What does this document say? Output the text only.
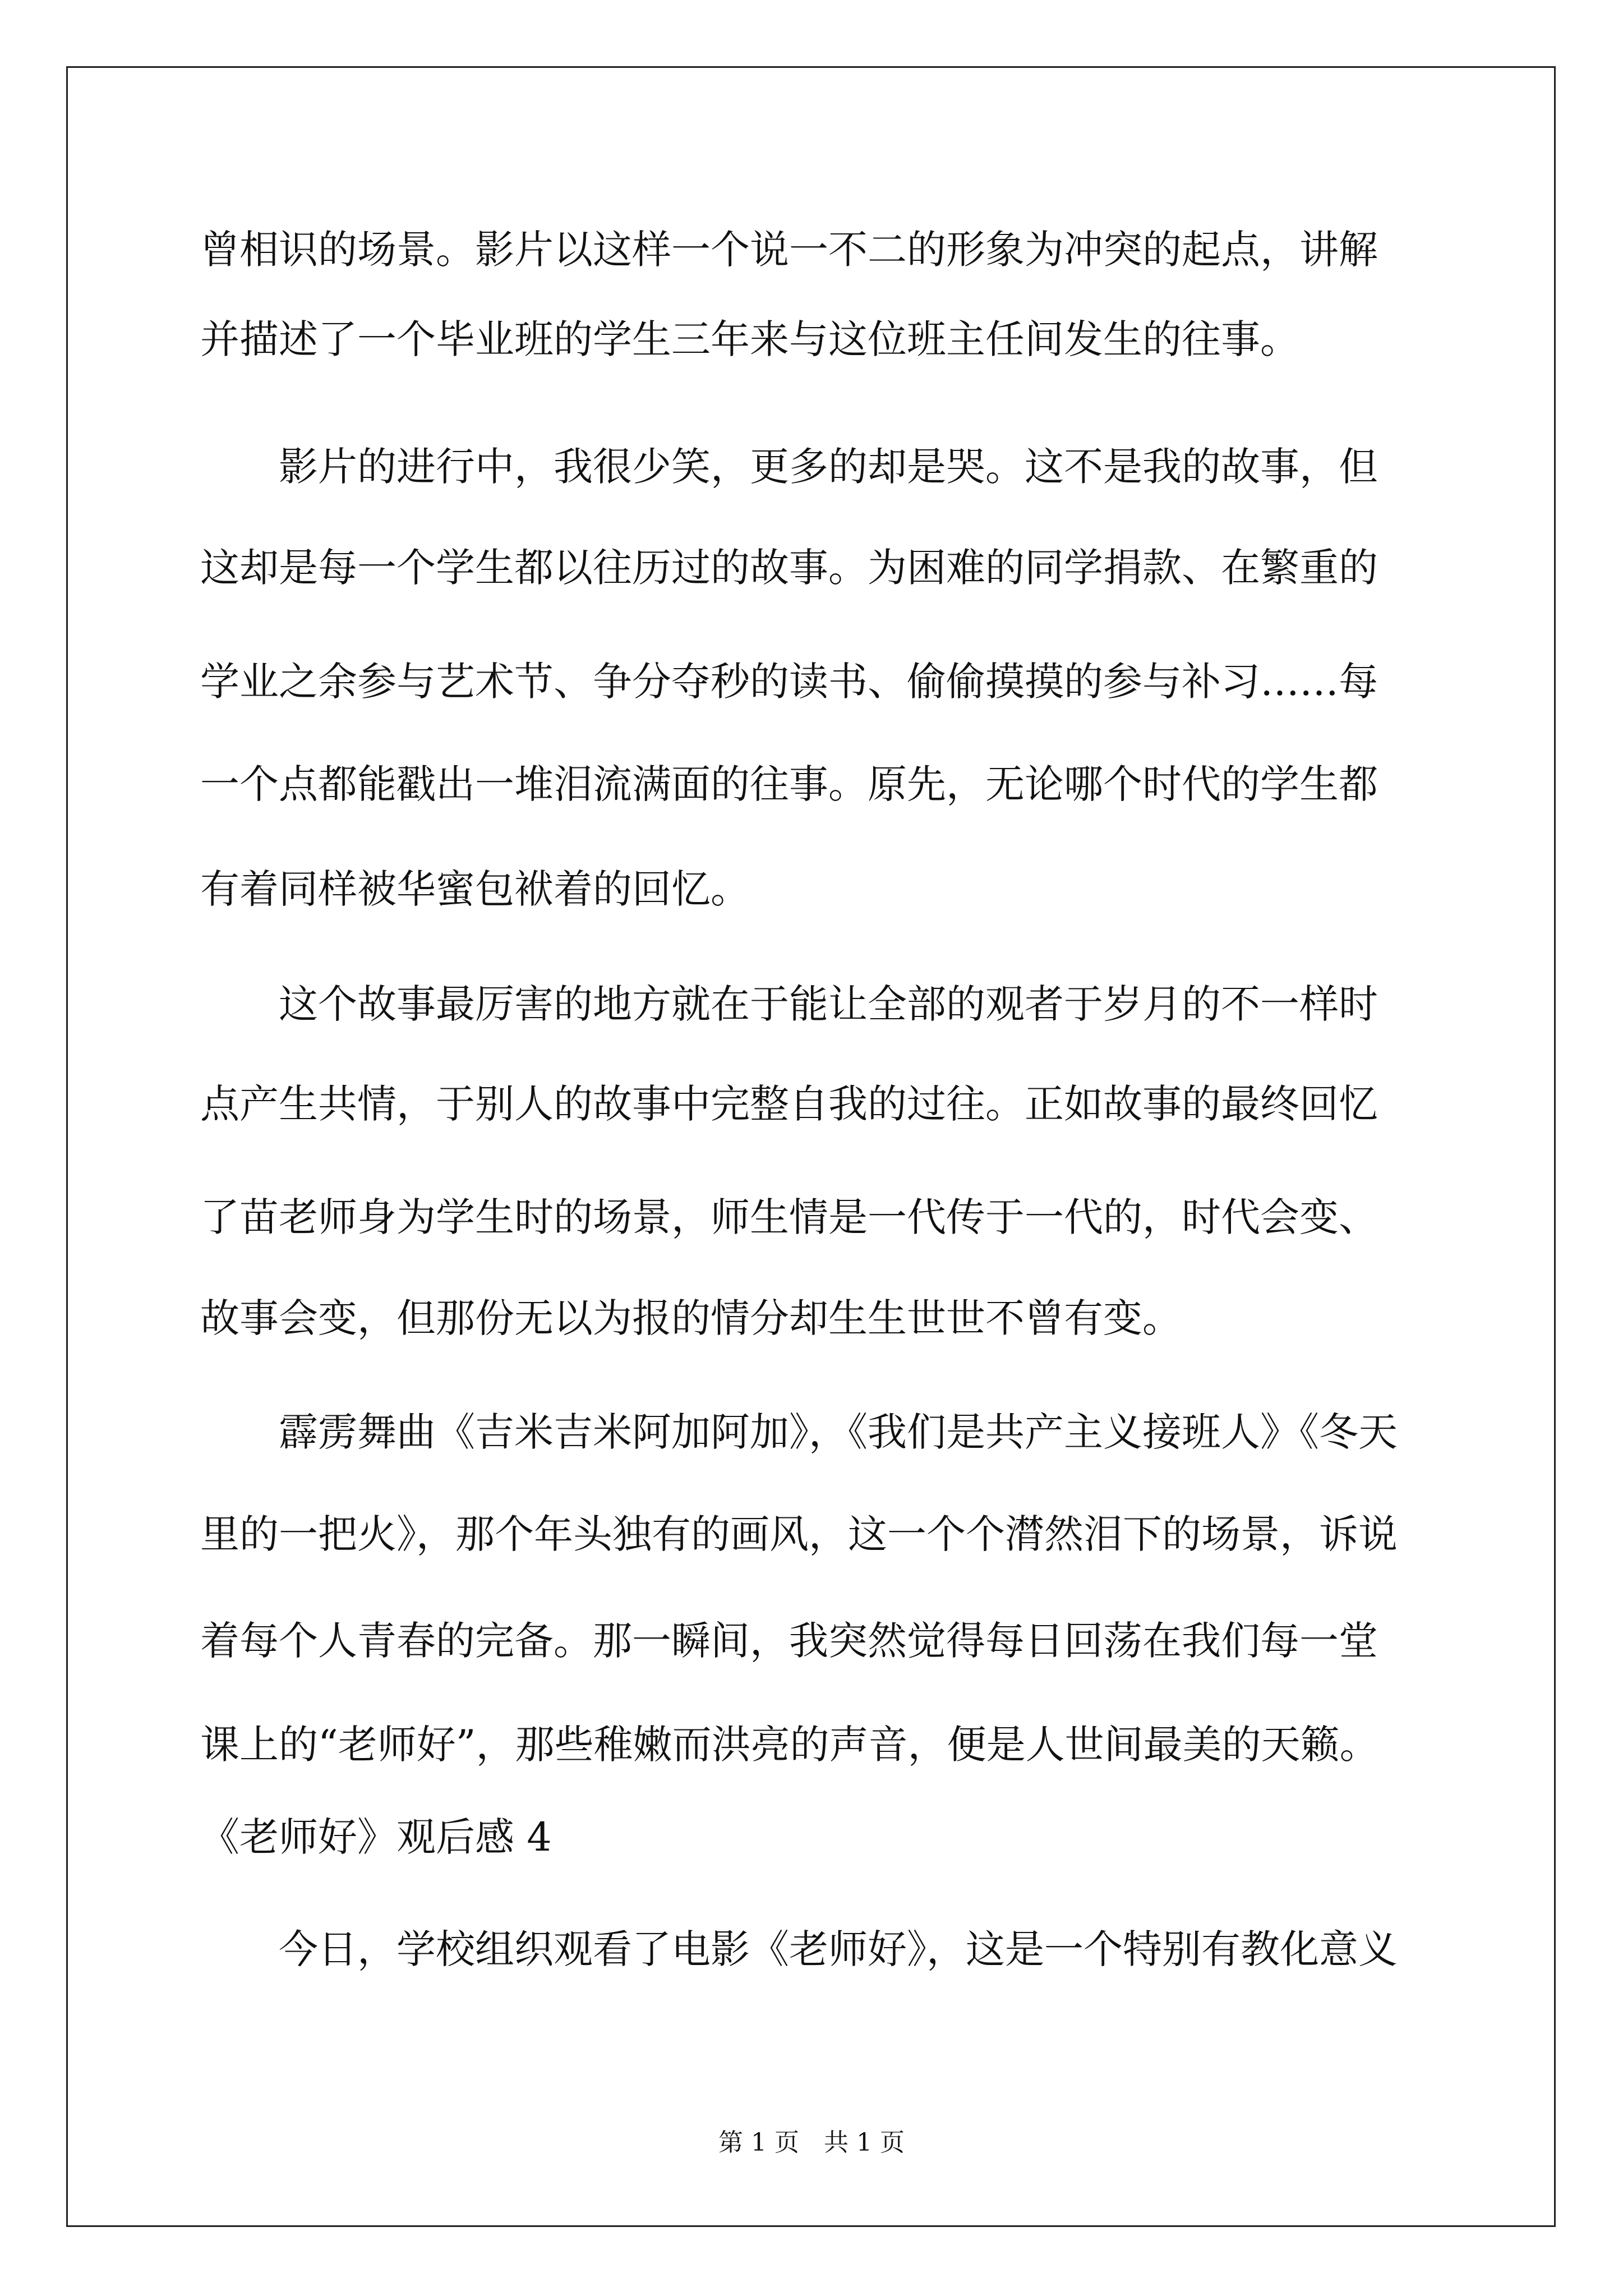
曾相识的场景。影片以这样一个说一不二的形象为冲突的起点，讲解
并描述了一个毕业班的学生三年来与这位班主任间发生的往事。
影片的进行中，我很少笑，更多的却是哭。这不是我的故事，但
这却是每一个学生都以往历过的故事。为困难的同学捐款、在繁重的
学业之余参与艺术节、争分夺秒的读书、偷偷摸摸的参与补习……每
一个点都能戳出一堆泪流满面的往事。原先，无论哪个时代的学生都
有着同样被华蜜包袱着的回忆。
这个故事最厉害的地方就在于能让全部的观者于岁月的不一样时
点产生共情，于别人的故事中完整自我的过往。正如故事的最终回忆
了苗老师身为学生时的场景，师生情是一代传于一代的，时代会变、
故事会变，但那份无以为报的情分却生生世世不曾有变。
霹雳舞曲《吉米吉米阿加阿加》，《我们是共产主义接班人》《冬天
里的一把火》，那个年头独有的画风，这一个个潸然泪下的场景，诉说
着每个人青春的完备。那一瞬间，我突然觉得每日回荡在我们每一堂
课上的“老师好”，那些稚嫩而洪亮的声音，便是人世间最美的天籁。
《老师好》观后感 4
今日，学校组织观看了电影《老师好》，这是一个特别有教化意义
第 1 页　共 1 页
